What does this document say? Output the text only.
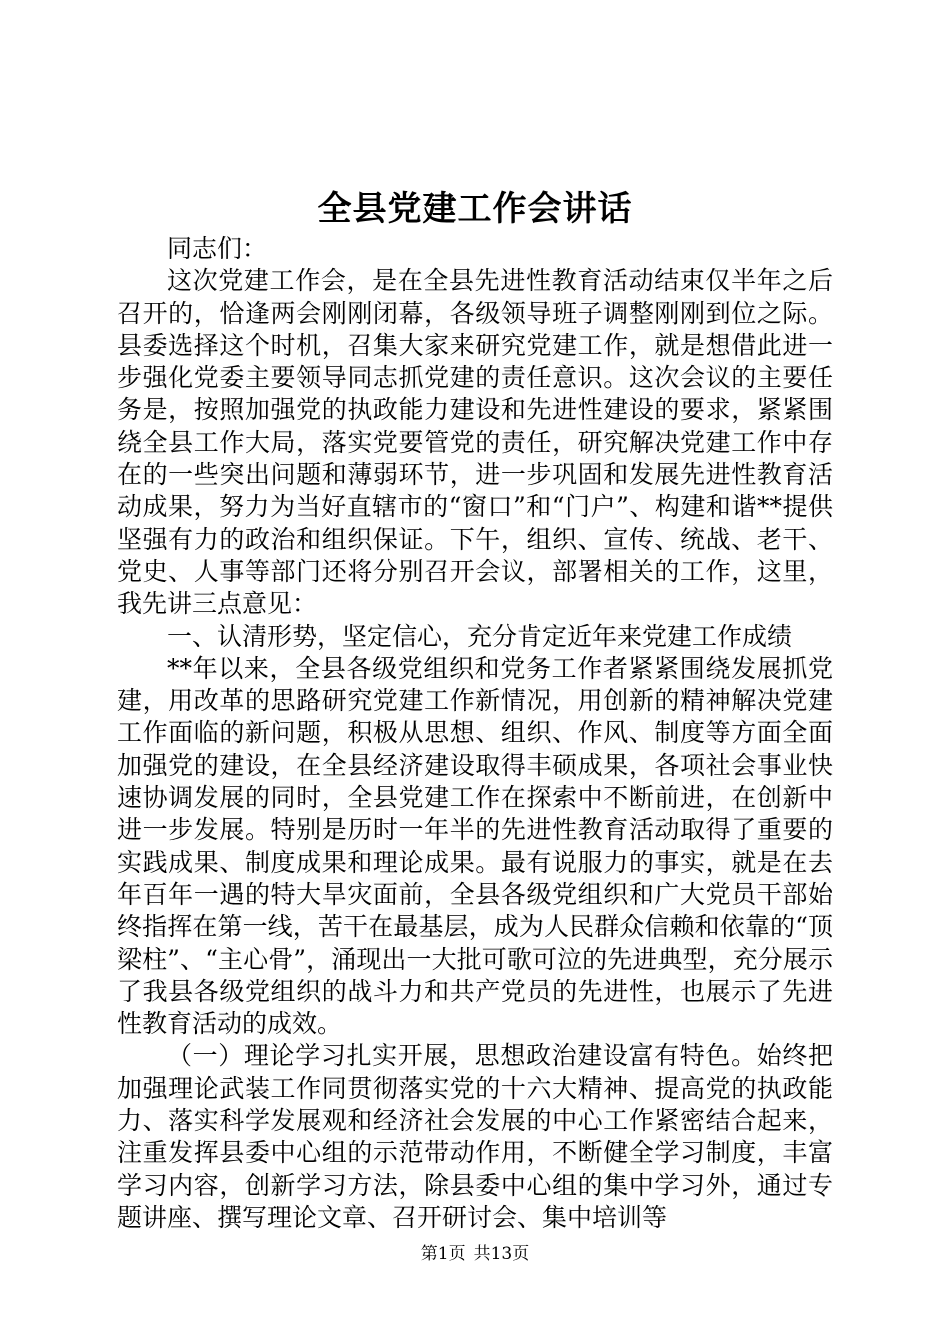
全县党建工作会讲话

同志们：

这次党建工作会，是在全县先进性教育活动结束仅半年之后召开的，恰逢两会刚刚闭幕，各级领导班子调整刚刚到位之际。县委选择这个时机，召集大家来研究党建工作，就是想借此进一步强化党委主要领导同志抓党建的责任意识。这次会议的主要任务是，按照加强党的执政能力建设和先进性建设的要求，紧紧围绕全县工作大局，落实党要管党的责任，研究解决党建工作中存在的一些突出问题和薄弱环节，进一步巩固和发展先进性教育活动成果，努力为当好直辖市的“窗口”和“门户”、构建和谐**提供坚强有力的政治和组织保证。下午，组织、宣传、统战、老干、党史、人事等部门还将分别召开会议，部署相关的工作，这里，我先讲三点意见：

一、认清形势，坚定信心，充分肯定近年来党建工作成绩

**年以来，全县各级党组织和党务工作者紧紧围绕发展抓党建，用改革的思路研究党建工作新情况，用创新的精神解决党建工作面临的新问题，积极从思想、组织、作风、制度等方面全面加强党的建设，在全县经济建设取得丰硕成果，各项社会事业快速协调发展的同时，全县党建工作在探索中不断前进，在创新中进一步发展。特别是历时一年半的先进性教育活动取得了重要的实践成果、制度成果和理论成果。最有说服力的事实，就是在去年百年一遇的特大旱灾面前，全县各级党组织和广大党员干部始终指挥在第一线，苦干在最基层，成为人民群众信赖和依靠的“顶梁柱”、“主心骨”，涌现出一大批可歌可泣的先进典型，充分展示了我县各级党组织的战斗力和共产党员的先进性，也展示了先进性教育活动的成效。

（一）理论学习扎实开展，思想政治建设富有特色。始终把加强理论武装工作同贯彻落实党的十六大精神、提高党的执政能力、落实科学发展观和经济社会发展的中心工作紧密结合起来，注重发挥县委中心组的示范带动作用，不断健全学习制度，丰富学习内容，创新学习方法，除县委中心组的集中学习外，通过专题讲座、撰写理论文章、召开研讨会、集中培训等

第1页 共13页
